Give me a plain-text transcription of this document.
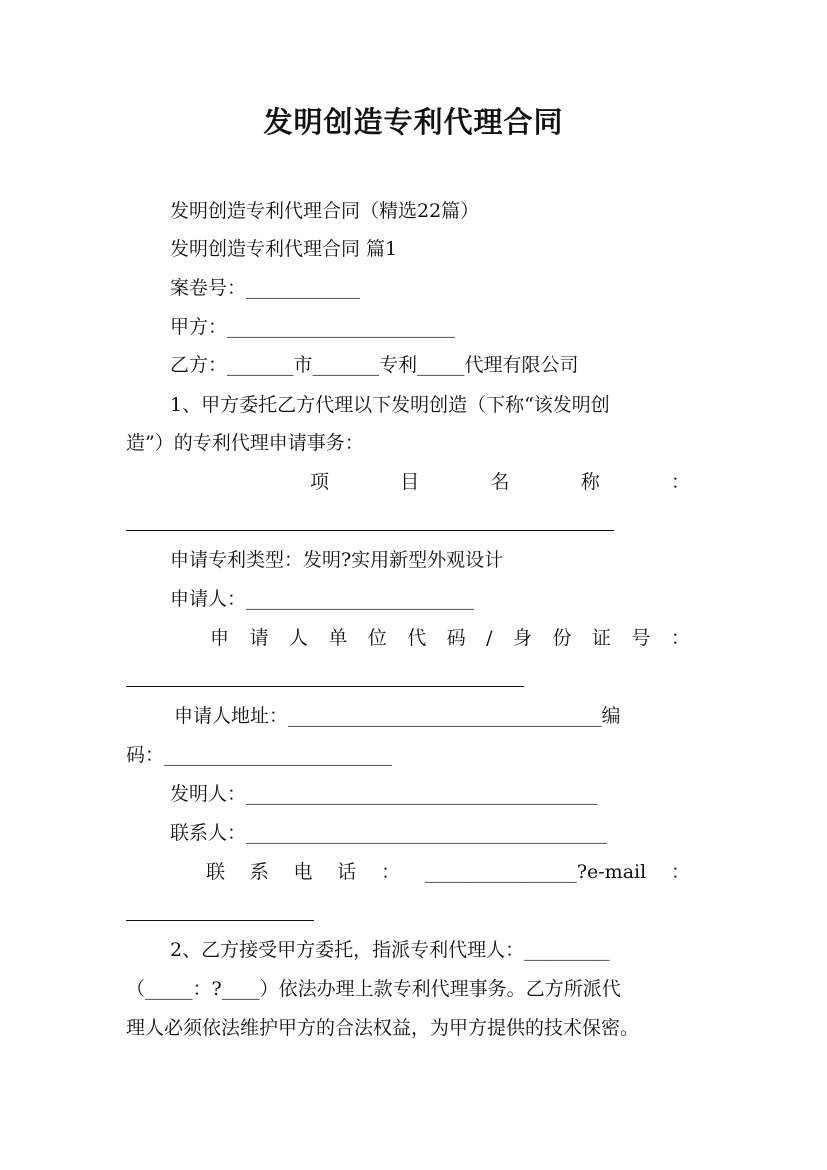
发明创造专利代理合同

发明创造专利代理合同（精选22篇）

发明创造专利代理合同 篇1

案卷号：____________

甲方：________________________

乙方：_______市_______专利_____代理有限公司

1、甲方委托乙方代理以下发明创造（下称“该发明创

造”）的专利代理申请事务：

项	目	名	称	：

申请专利类型：发明?实用新型外观设计

申请人：________________________

申 请 人 单 位 代 码 / 身 份 证 号 ：

申请人地址：_________________________________编

码：________________________

发明人：_____________________________________

联系人：______________________________________

联 系 电 话 ： ________________?e-mail ：

2、乙方接受甲方委托，指派专利代理人：_________

（_____：?____）依法办理上款专利代理事务。乙方所派代

理人必须依法维护甲方的合法权益，为甲方提供的技术保密。
